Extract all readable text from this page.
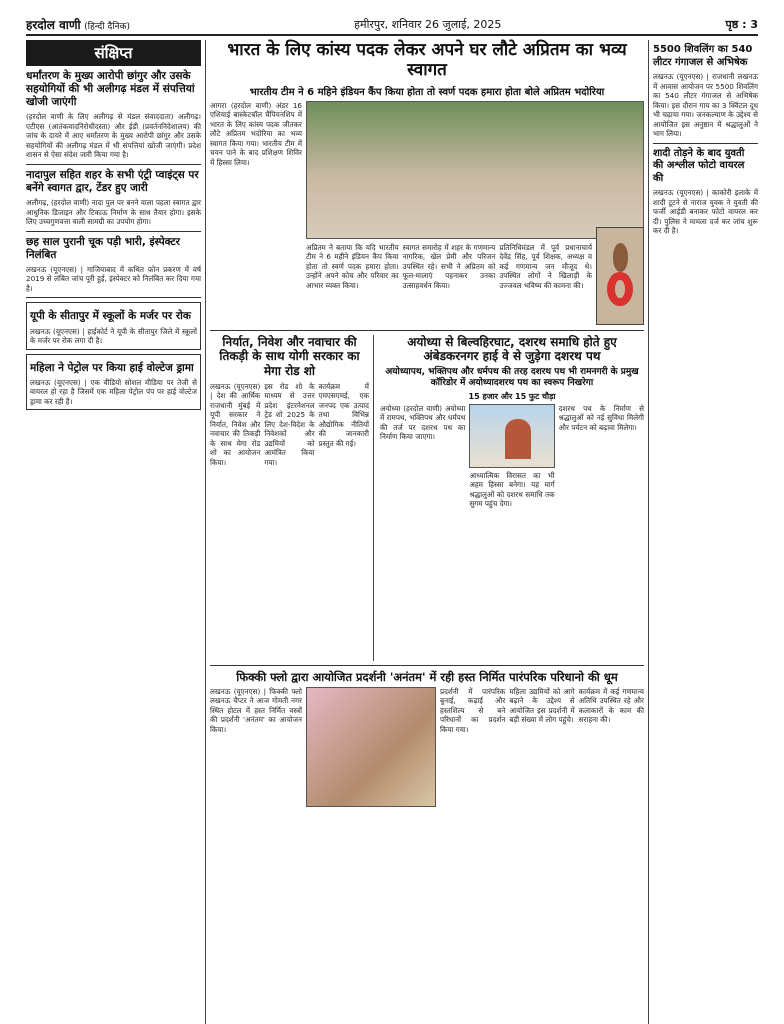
हरदोल वाणी (हिन्दी दैनिक)	हमीरपुर, शनिवार 26 जुलाई, 2025	पृष्ठ : 3
संक्षिप्त
धर्मांतरण के मुख्य आरोपी छांगुर और उसके सहयोगियों की भी अलीगढ़ मंडल में संपत्तियां खोजी जाएंगी
(हरदोल वाणी के लिए अलीगढ़ से मंडल संवाददाता) अलीगढ़। एटीएस (आतंकवादनिरोधीदस्ता) और ईडी (प्रवर्तननिदेशालय) की जांच के दायरे में आए धर्मांतरण के मुख्य आरोपी छांगुर और उसके सहयोगियों की अलीगढ़ मंडल में भी संपत्तियां खोजी जाएंगी। प्रदेश शासन से ऐसा संदेश जारी किया गया है।
नादापुल सहित शहर के सभी एंट्री प्वाइंट्स पर बनेंगे स्वागत द्वार, टेंडर हुए जारी
अलीगढ़, (हरदोल वाणी) नादा पुल पर बनने वाला पहला स्वागत द्वार आधुनिक डिजाइन और टिकाऊ निर्माण के साथ तैयार होगा। इसके लिए उच्चगुणवत्ता वाली सामग्री का उपयोग होगा।
छह साल पुरानी चूक पड़ी भारी, इंस्पेक्टर निलंबित
लखनऊ (यूएनएस) | गाजियाबाद में कथित फ़ोन प्रकरण में वर्ष 2019 से लंबित जांच पूरी हुई, इंस्पेक्टर को निलंबित कर दिया गया है।
यूपी के सीतापुर में स्कूलों के मर्जर पर रोक
लखनऊ (यूएनएस) | हाईकोर्ट ने यूपी के सीतापुर जिले में स्कूलों के मर्जर पर रोक लगा दी है।
महिला ने पेट्रोल पर किया हाई वोल्टेज ड्रामा
लखनऊ (यूएनएस) | एक वीडियो सोशल मीडिया पर तेजी से वायरल हो रहा है जिसमें एक महिला पेट्रोल पंप पर हाई वोल्टेज ड्रामा कर रही है।
भारत के लिए कांस्य पदक लेकर अपने घर लौटे अप्रितम का भव्य स्वागत
भारतीय टीम ने 6 महिने इंडियन कैंप किया होता तो स्वर्ण पदक हमारा होता बोले अप्रितम भदोरिया
आगरा (हरदोल वाणी) अंडर 16 एशियाई बास्केटबॉल चैंपियनशिप में भारत के लिए कांस्य पदक जीतकर लौटे अप्रितम भदोरिया का भव्य स्वागत किया गया। भारतीय टीम में चयन पाने के बाद प्रशिक्षण शिविर में हिस्सा लिया।
अप्रितम ने बताया कि यदि भारतीय टीम ने 6 महीने इंडियन कैंप किया होता तो स्वर्ण पदक हमारा होता। उन्होंने अपने कोच और परिवार का आभार व्यक्त किया।
स्वागत समारोह में शहर के गणमान्य नागरिक, खेल प्रेमी और परिजन उपस्थित रहे। सभी ने अप्रितम को फूल-मालाएं पहनाकर उनका उत्साहवर्धन किया।
प्रतिनिधिमंडल में पूर्व प्रधानाचार्य देवेंद्र सिंह, पूर्व शिक्षक, अध्यक्ष व कई गणमान्य जन मौजूद थे। उपस्थित लोगों ने खिलाड़ी के उज्जवल भविष्य की कामना की।
निर्यात, निवेश और नवाचार की तिकड़ी के साथ योगी सरकार का मेगा रोड शो
लखनऊ (यूएनएस) | देश की आर्थिक राजधानी मुंबई में यूपी सरकार ने निर्यात, निवेश और नवाचार की तिकड़ी के साथ मेगा रोड शो का आयोजन किया।
इस रोड शो के माध्यम से उत्तर प्रदेश इंटरनेशनल ट्रेड शो 2025 के लिए देश-विदेश के निवेशकों और उद्यमियों को आमंत्रित किया गया।
कार्यक्रम में एमएसएमई, एक जनपद एक उत्पाद तथा विभिन्न औद्योगिक नीतियों की जानकारी प्रस्तुत की गई।
अयोध्या से बिल्वहिरघाट, दशरथ समाधि होते हुए अंबेडकरनगर हाई वे से जुड़ेगा दशरथ पथ
अयोध्यापथ, भक्तिपथ और धर्मपथ की तरह दशरथ पथ भी रामनगरी के प्रमुख कॉरिडोर में अयोध्यादशरथ पथ का स्वरूप निखरेगा
15 हजार और 15 फुट चौड़ा
अयोध्या (हरदोल वाणी) अयोध्या में रामपथ, भक्तिपथ और धर्मपथ की तर्ज पर दशरथ पथ का निर्माण किया जाएगा।
आध्यात्मिक विरासत का भी अहम हिस्सा बनेगा। यह मार्ग श्रद्धालुओं को दशरथ समाधि तक सुगम पहुंच देगा।
दशरथ पथ के निर्माण से श्रद्धालुओं को नई सुविधा मिलेगी और पर्यटन को बढ़ावा मिलेगा।
फिक्की फ्लो द्वारा आयोजित प्रदर्शनी 'अनंतम' में रही हस्त निर्मित पारंपरिक परिधानो की धूम
लखनऊ (यूएनएस) | फिक्की फ्लो लखनऊ चैप्टर ने आज गोमती नगर स्थित होटल में हस्त निर्मित वस्त्रों की प्रदर्शनी 'अनंतम' का आयोजन किया।
प्रदर्शनी में पारंपरिक बुनाई, कढ़ाई और हस्तशिल्प से बने परिधानों का प्रदर्शन किया गया।
महिला उद्यमियों को आगे बढ़ाने के उद्देश्य से आयोजित इस प्रदर्शनी में बड़ी संख्या में लोग पहुंचे।
कार्यक्रम में कई गणमान्य अतिथि उपस्थित रहे और कलाकारों के काम की सराहना की।
5500 शिवलिंग का 540 लीटर गंगाजल से अभिषेक
लखनऊ (यूएनएस) | राजधानी लखनऊ में आवास आयोजन पर 5500 शिवलिंग का 540 लीटर गंगाजल से अभिषेक किया। इस दौरान गाय का 3 क्विंटल दूध भी चढ़ाया गया। जनकल्याण के उद्देश्य से आयोजित इस अनुष्ठान में श्रद्धालुओं ने भाग लिया।
शादी तोड़ने के बाद युवती की अश्लील फोटो वायरल की
लखनऊ (यूएनएस) | काकोरी इलाके में शादी टूटने से नाराज युवक ने युवती की फर्जी आईडी बनाकर फोटो वायरल कर दी। पुलिस ने मामला दर्ज कर जांच शुरू कर दी है।
